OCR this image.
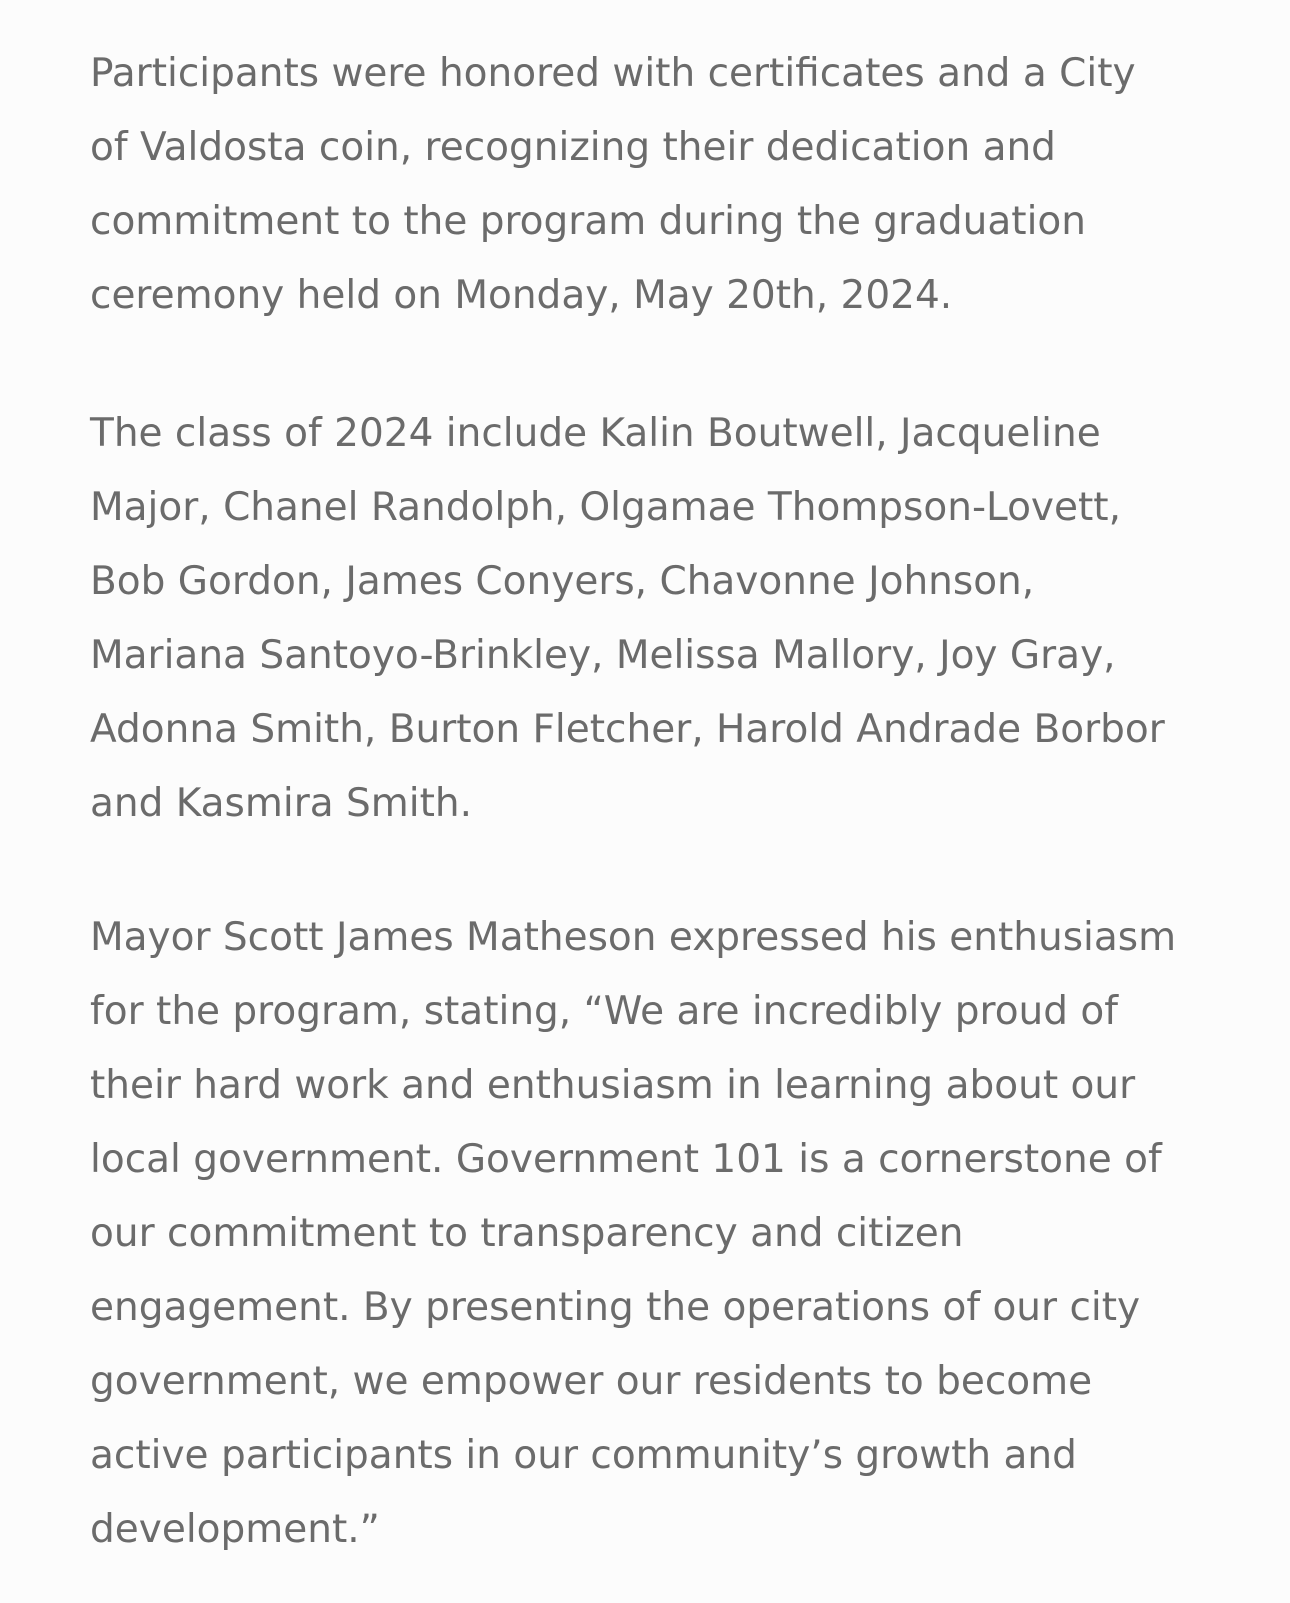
Participants were honored with certificates and a City of Valdosta coin, recognizing their dedication and commitment to the program during the graduation ceremony held on Monday, May 20th, 2024.

The class of 2024 include Kalin Boutwell, Jacqueline Major, Chanel Randolph, Olgamae Thompson-Lovett, Bob Gordon, James Conyers, Chavonne Johnson, Mariana Santoyo-Brinkley, Melissa Mallory, Joy Gray, Adonna Smith, Burton Fletcher, Harold Andrade Borbor and Kasmira Smith.

Mayor Scott James Matheson expressed his enthusiasm for the program, stating, “We are incredibly proud of their hard work and enthusiasm in learning about our local government. Government 101 is a cornerstone of our commitment to transparency and citizen engagement. By presenting the operations of our city government, we empower our residents to become active participants in our community’s growth and development.”
